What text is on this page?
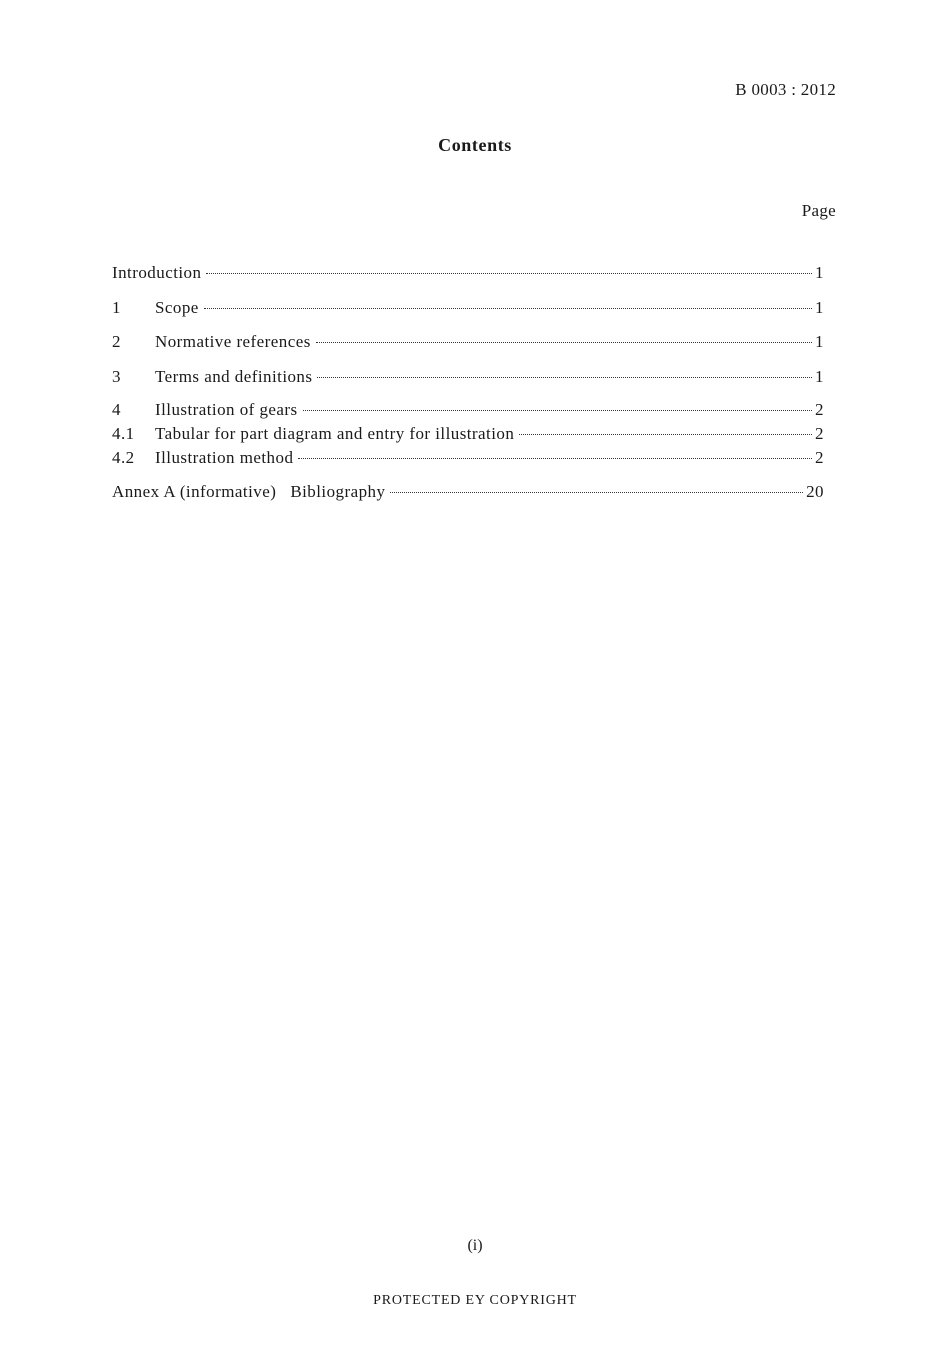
B 0003 : 2012
Contents
Page
Introduction	1
1	Scope	1
2	Normative references	1
3	Terms and definitions	1
4	Illustration of gears	2
4.1	Tabular for part diagram and entry for illustration	2
4.2	Illustration method	2
Annex A (informative) Bibliography	20
(i)
PROTECTED EY COPYRIGHT
